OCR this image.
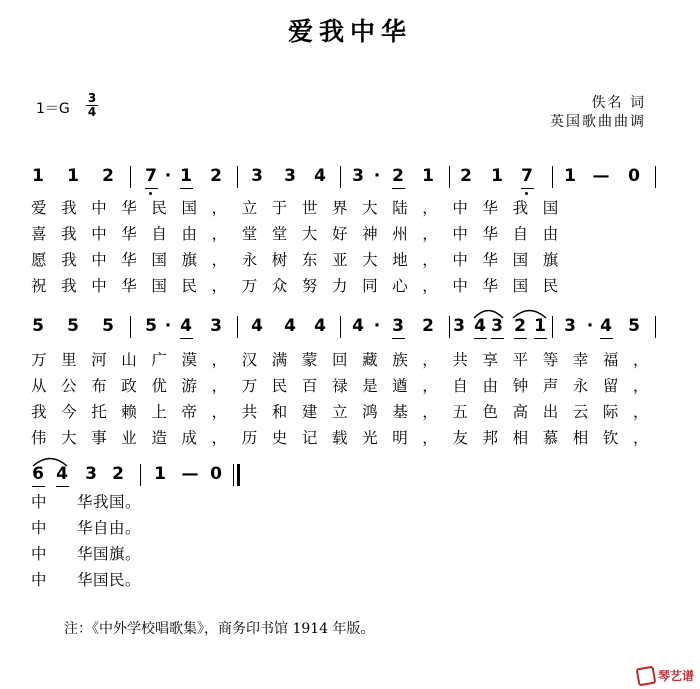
爱我中华
$1=G \frac{3}{4}$	佚名 词
英国歌曲曲调
1 1 2 7 · 1 2 3 3 4 3 · 2 1 2 1 7 1 — 0
爱我中华民国，立于世界大陆，中华我国
喜我中华自由，堂堂大好神州，中华自由
愿我中华国旗，永树东亚大地，中华国旗
祝我中华国民，万众努力同心，中华国民
5 5 5 5 · 4 3 4 4 4 4 · 3 2 3 4 3 2 1 3 · 4 5
万里河山广漠，汉满蒙回藏族，共享平等幸福，
从公布政优游，万民百禄是遒，自由钟声永留，
我今托赖上帝，共和建立鸿基，五色高出云际，
伟大事业造成，历史记载光明，友邦相慕相钦，
6 4 3 2 1 — 0
中 华我国。
中 华自由。
中 华国旗。
中 华国民。
注：《中外学校唱歌集》，商务印书馆 1914 年版。
琴艺谱
